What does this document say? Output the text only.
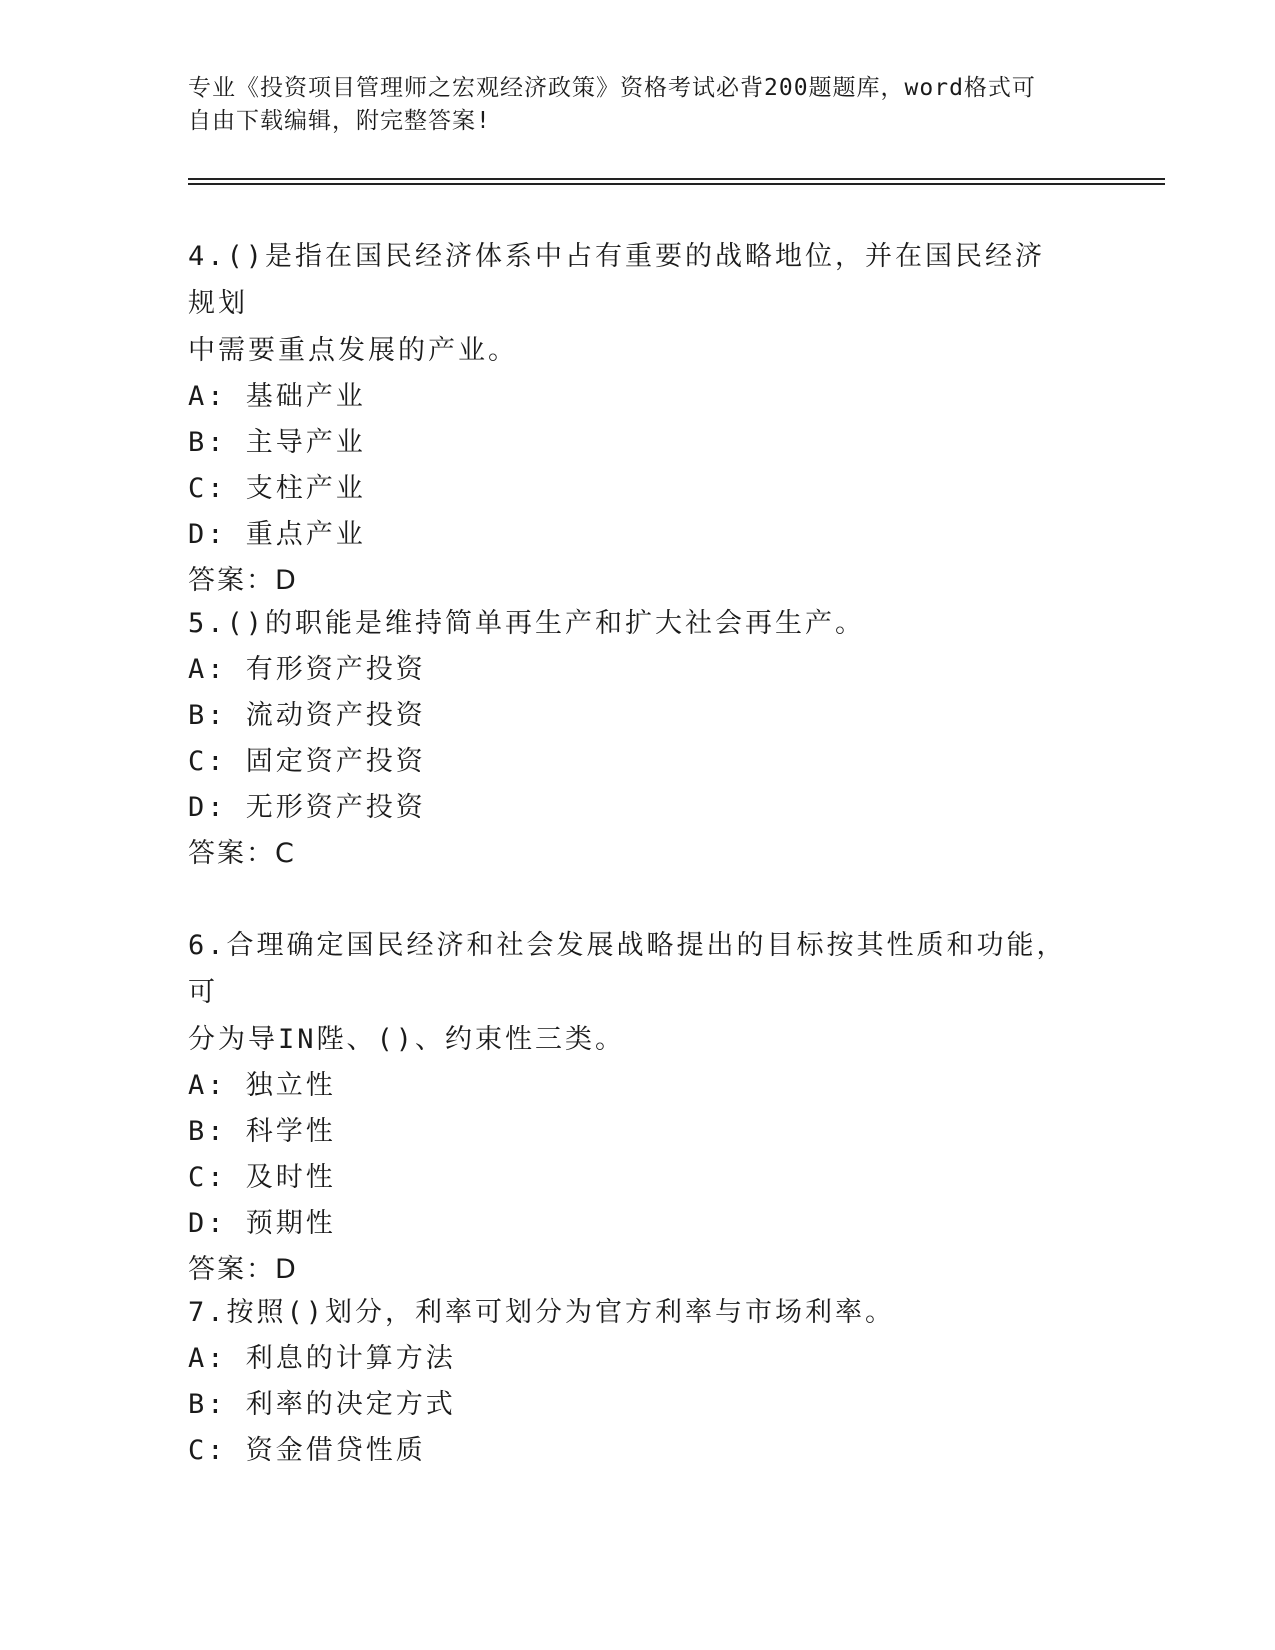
专业《投资项目管理师之宏观经济政策》资格考试必背200题题库，word格式可
自由下载编辑，附完整答案!
4.()是指在国民经济体系中占有重要的战略地位，并在国民经济规划
中需要重点发展的产业。
A: 基础产业
B: 主导产业
C: 支柱产业
D: 重点产业
答案：D
5.()的职能是维持简单再生产和扩大社会再生产。
A: 有形资产投资
B: 流动资产投资
C: 固定资产投资
D: 无形资产投资
答案：C
6.合理确定国民经济和社会发展战略提出的目标按其性质和功能，可
分为导IN陛、()、约束性三类。
A: 独立性
B: 科学性
C: 及时性
D: 预期性
答案：D
7.按照()划分，利率可划分为官方利率与市场利率。
A: 利息的计算方法
B: 利率的决定方式
C: 资金借贷性质
